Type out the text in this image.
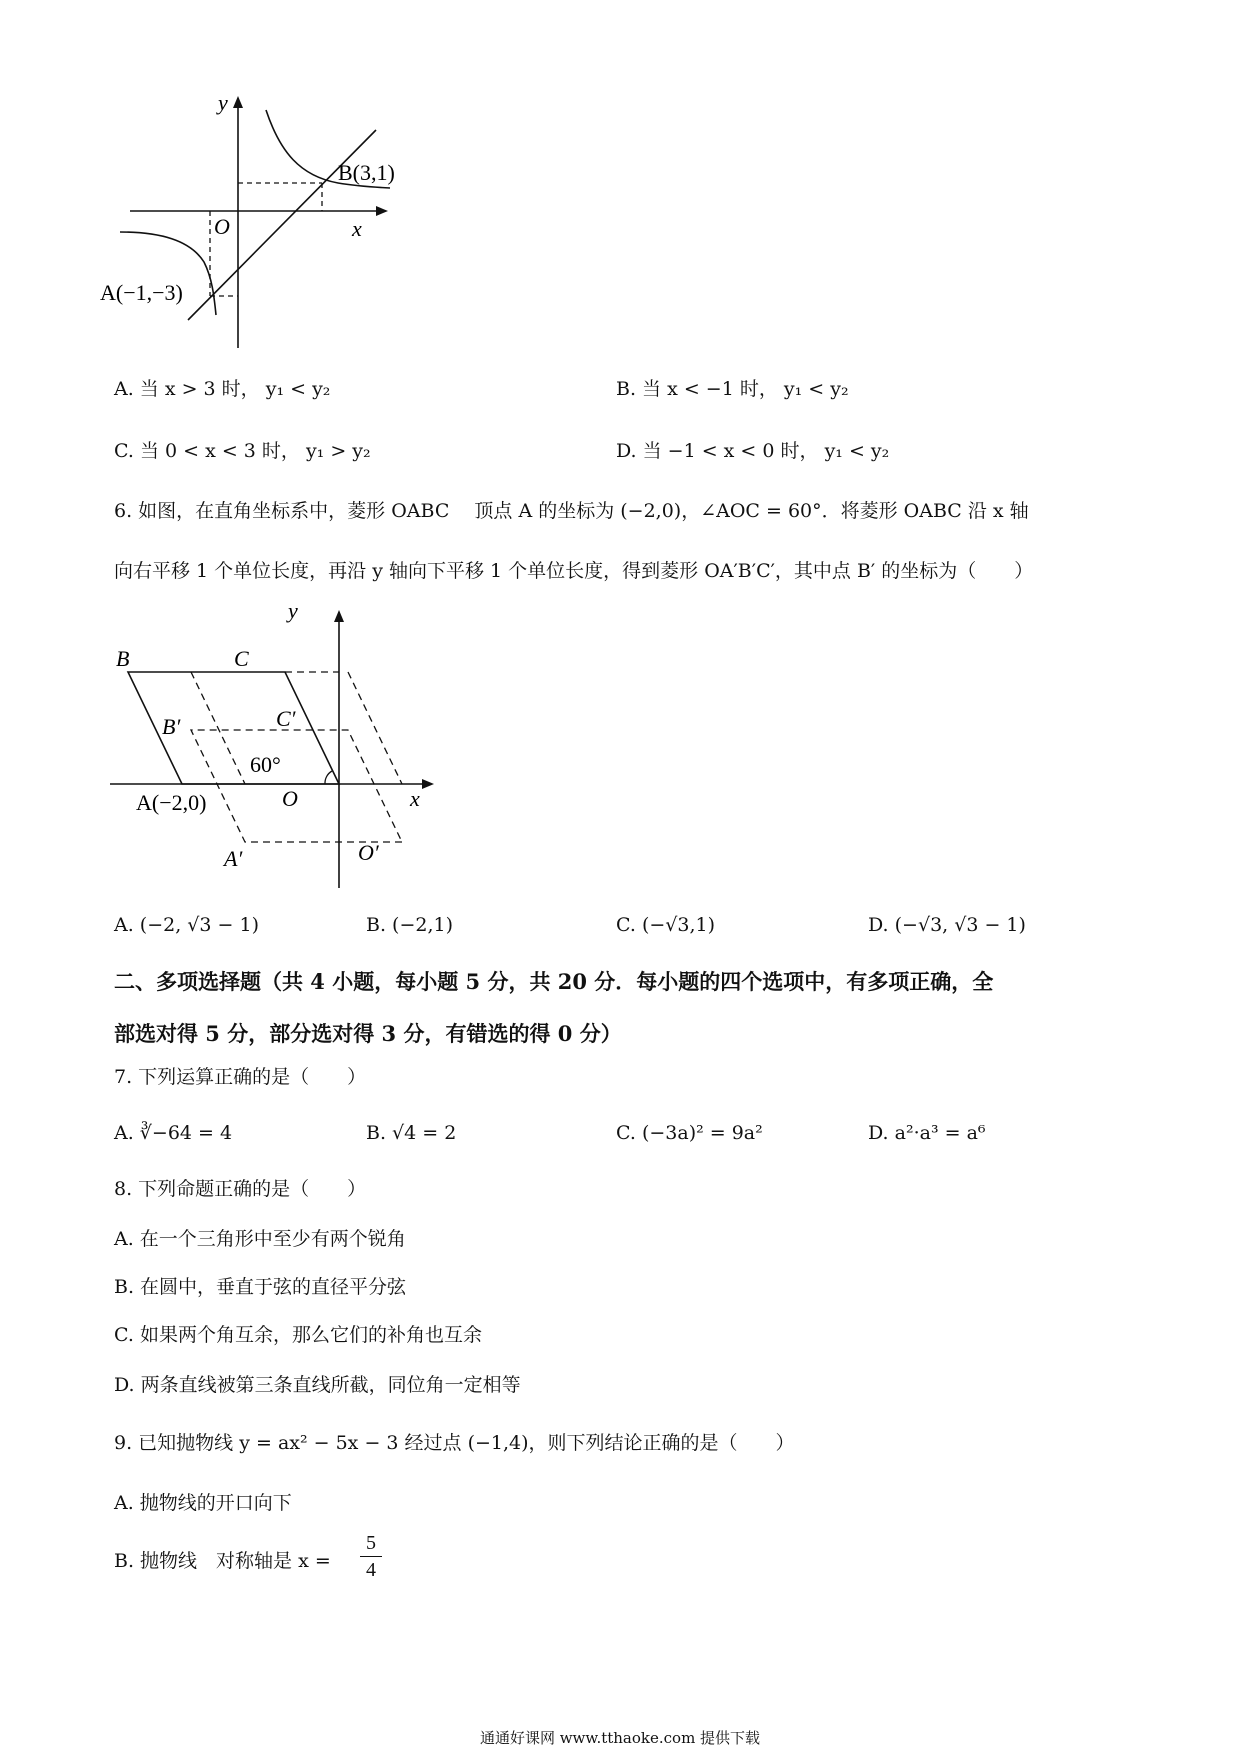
y
x
O
B(3,1)
A(−1,−3)
A. 当 x > 3 时， y₁ < y₂	B. 当 x < −1 时， y₁ < y₂
C. 当 0 < x < 3 时， y₁ > y₂	D. 当 −1 < x < 0 时， y₁ < y₂
6. 如图，在直角坐标系中，菱形 OABC 　顶点 A 的坐标为 (−2,0)，∠AOC = 60°．将菱形 OABC 沿 x 轴
向右平移 1 个单位长度，再沿 y 轴向下平移 1 个单位长度，得到菱形 OA′B′C′，其中点 B′ 的坐标为（　　）
y
x
O
B	C
B′	C′
60°
A(−2,0)
A′	O′
A. (−2, √3 − 1)	B. (−2,1)	C. (−√3,1)	D. (−√3, √3 − 1)
二、多项选择题（共 4 小题，每小题 5 分，共 20 分．每小题的四个选项中，有多项正确，全
部选对得 5 分，部分选对得 3 分，有错选的得 0 分）
7. 下列运算正确的是（　　）
A. ∛−64 = 4	B. √4 = 2	C. (−3a)² = 9a²	D. a²·a³ = a⁶
8. 下列命题正确的是（　　）
A. 在一个三角形中至少有两个锐角
B. 在圆中，垂直于弦的直径平分弦
C. 如果两个角互余，那么它们的补角也互余
D. 两条直线被第三条直线所截，同位角一定相等
9. 已知抛物线 y = ax² − 5x − 3 经过点 (−1,4)，则下列结论正确的是（　　）
A. 抛物线的开口向下
B. 抛物线　对称轴是 $x = \frac{5}{4}$
通通好课网 www.tthaoke.com 提供下载
